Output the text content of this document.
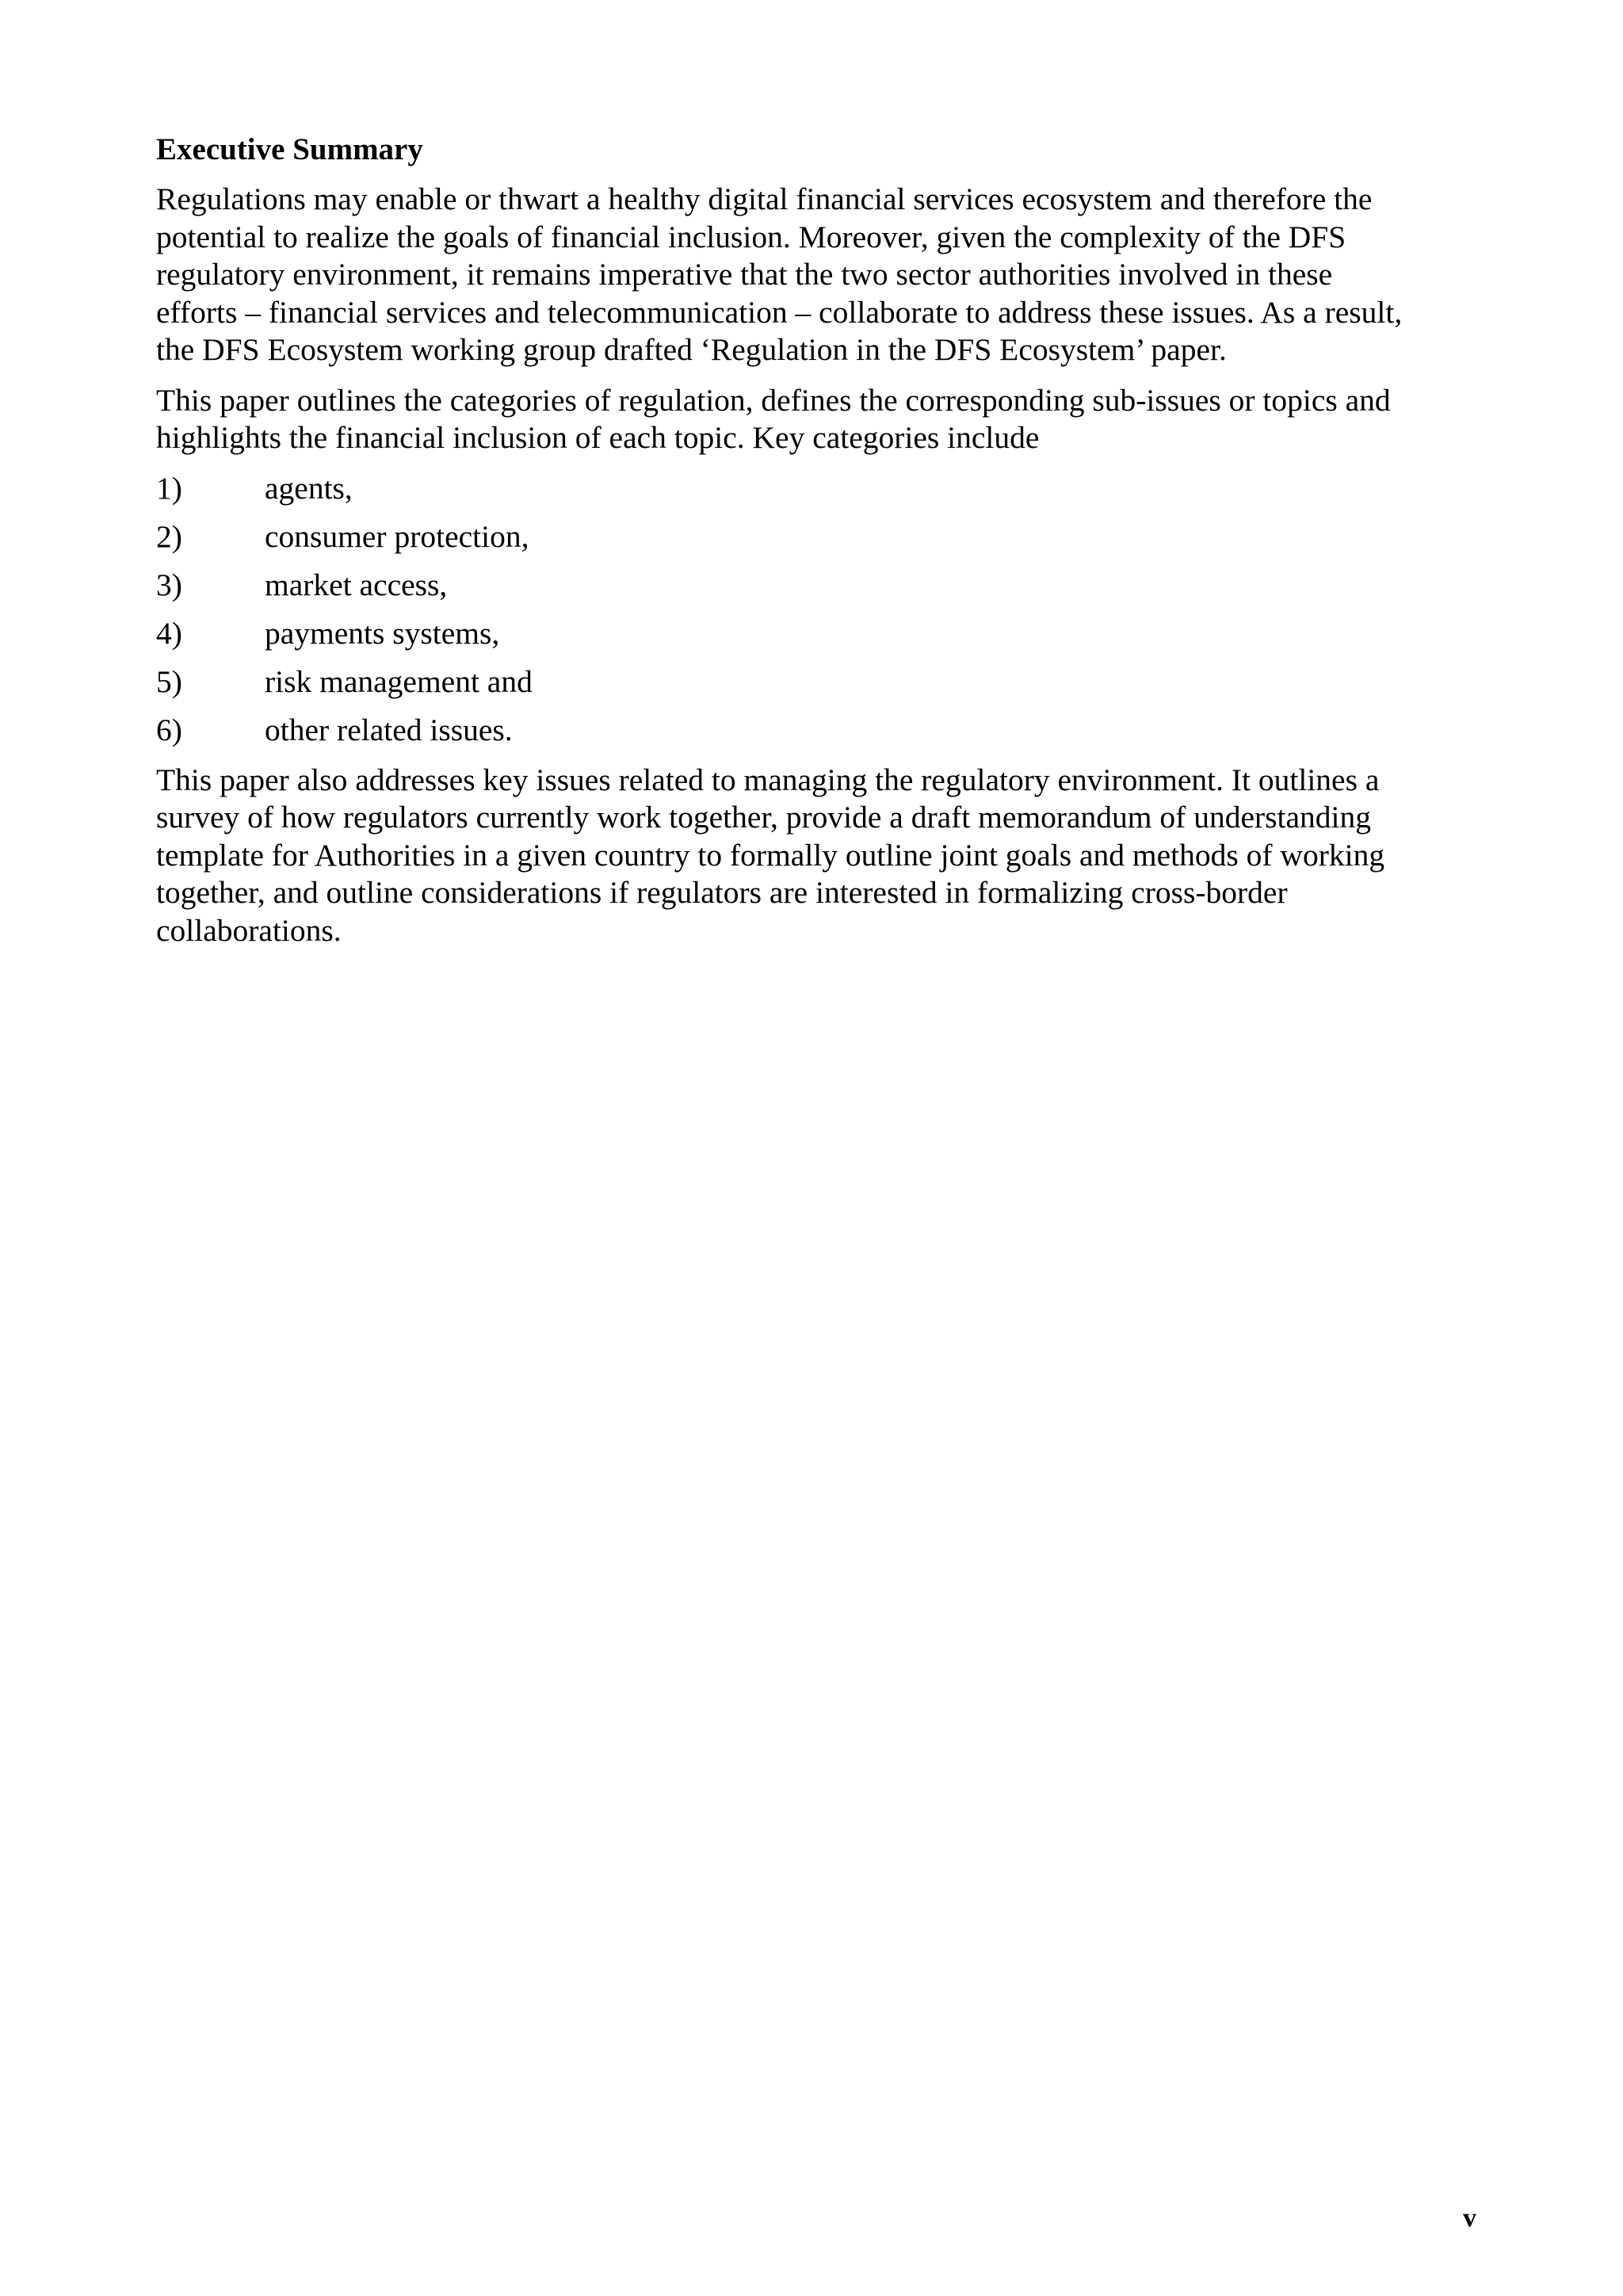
Executive Summary

Regulations may enable or thwart a healthy digital financial services ecosystem and therefore the
potential to realize the goals of financial inclusion. Moreover, given the complexity of the DFS
regulatory environment, it remains imperative that the two sector authorities involved in these
efforts – financial services and telecommunication – collaborate to address these issues. As a result,
the DFS Ecosystem working group drafted ‘Regulation in the DFS Ecosystem’ paper.

This paper outlines the categories of regulation, defines the corresponding sub-issues or topics and
highlights the financial inclusion of each topic. Key categories include

1)	agents,
2)	consumer protection,
3)	market access,
4)	payments systems,
5)	risk management and
6)	other related issues.

This paper also addresses key issues related to managing the regulatory environment. It outlines a
survey of how regulators currently work together, provide a draft memorandum of understanding
template for Authorities in a given country to formally outline joint goals and methods of working
together, and outline considerations if regulators are interested in formalizing cross-border
collaborations.

v
